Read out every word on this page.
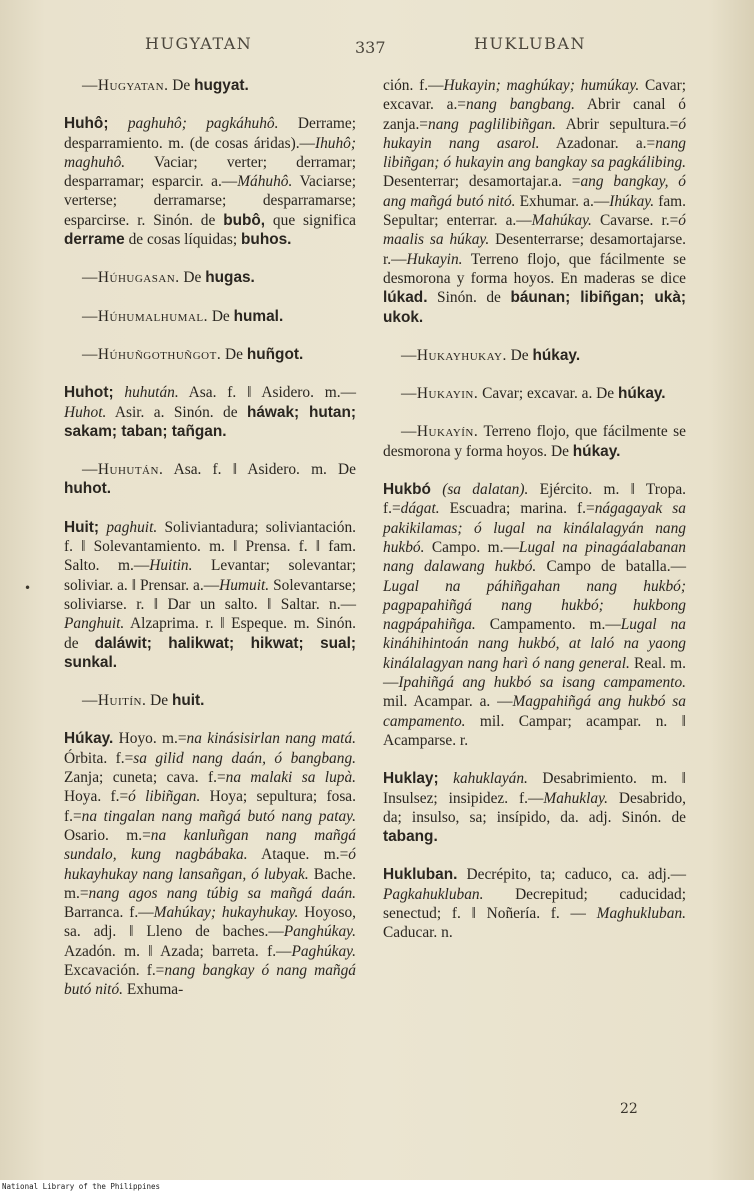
HUGYATAN	337	HUKLUBAN
•

—Hugyatan. De hugyat.

Huhô; paghuhô; pagkáhuhô. Derrame; desparramiento. m. (de cosas áridas).—Ihuhô; maghuhô. Vaciar; verter; derramar; desparramar; esparcir. a.—Máhuhô. Vaciarse; verterse; derramarse; desparramarse; esparcirse. r. Sinón. de bubô, que significa derrame de cosas líquidas; buhos.

—Húhugasan. De hugas.

—Húhumalhumal. De humal.

—Húhuñgothuñgot. De huñgot.

Huhot; huhután. Asa. f. ‖ Asidero. m.—Huhot. Asir. a. Sinón. de háwak; hutan; sakam; taban; tañgan.

—Huhután. Asa. f. ‖ Asidero. m. De huhot.

Huit; paghuit. Soliviantadura; soliviantación. f. ‖ Solevantamiento. m. ‖ Prensa. f. ‖ fam. Salto. m.—Huitin. Levantar; solevantar; soliviar. a. ‖ Prensar. a.—Humuit. Solevantarse; soliviarse. r. ‖ Dar un salto. ‖ Saltar. n.—Panghuit. Alzaprima. r. ‖ Espeque. m. Sinón. de daláwit; halikwat; hikwat; sual; sunkal.

—Huitín. De huit.

Húkay. Hoyo. m.=na kinásisirlan nang matá. Órbita. f.=sa gilid nang daán, ó bangbang. Zanja; cuneta; cava. f.=na malaki sa lupà. Hoya. f.=ó libiñgan. Hoya; sepultura; fosa. f.=na tingalan nang mañgá butó nang patay. Osario. m.=na kanluñgan nang mañgá sundalo, kung nagbábaka. Ataque. m.=ó hukayhukay nang lansañgan, ó lubyak. Bache. m.=nang agos nang túbig sa mañgá daán. Barranca. f.—Mahúkay; hukayhukay. Hoyoso, sa. adj. ‖ Lleno de baches.—Panghúkay. Azadón. m. ‖ Azada; barreta. f.—Paghúkay. Excavación. f.=nang bangkay ó nang mañgá butó nitó. Exhuma-

ción. f.—Hukayin; maghúkay; humúkay. Cavar; excavar. a.=nang bangbang. Abrir canal ó zanja.=nang paglilibiñgan. Abrir sepultura.=ó hukayin nang asarol. Azadonar. a.=nang libiñgan; ó hukayin ang bangkay sa pagkálibing. Desenterrar; desamortajar.a. =ang bangkay, ó ang mañgá butó nitó. Exhumar. a.—Ihúkay. fam. Sepultar; enterrar. a.—Mahúkay. Cavarse. r.=ó maalis sa húkay. Desenterrarse; desamortajarse. r.—Hukayin. Terreno flojo, que fácilmente se desmorona y forma hoyos. En maderas se dice lúkad. Sinón. de báunan; libiñgan; ukà; ukok.

—Hukayhukay. De húkay.

—Hukayin. Cavar; excavar. a. De húkay.

—Hukayín. Terreno flojo, que fácilmente se desmorona y forma hoyos. De húkay.

Hukbó (sa dalatan). Ejército. m. ‖ Tropa. f.=dágat. Escuadra; marina. f.=nágagayak sa pakikilamas; ó lugal na kinálalagyán nang hukbó. Campo. m.—Lugal na pinagáalabanan nang dalawang hukbó. Campo de batalla.—Lugal na páhiñgahan nang hukbó; pagpapahiñgá nang hukbó; hukbong nagpápahiñga. Campamento. m.—Lugal na kináhihintoán nang hukbó, at laló na yaong kinálalagyan nang harì ó nang general. Real. m.—Ipahiñgá ang hukbó sa isang campamento. mil. Acampar. a. —Magpahiñgá ang hukbó sa campamento. mil. Campar; acampar. n. ‖ Acamparse. r.

Huklay; kahuklayán. Desabrimiento. m. ‖ Insulsez; insipidez. f.—Mahuklay. Desabrido, da; insulso, sa; insípido, da. adj. Sinón. de tabang.

Hukluban. Decrépito, ta; caduco, ca. adj.—Pagkahukluban. Decrepitud; caducidad; senectud; f. ‖ Noñería. f. — Maghukluban. Caducar. n.

22
National Library of the Philippines
